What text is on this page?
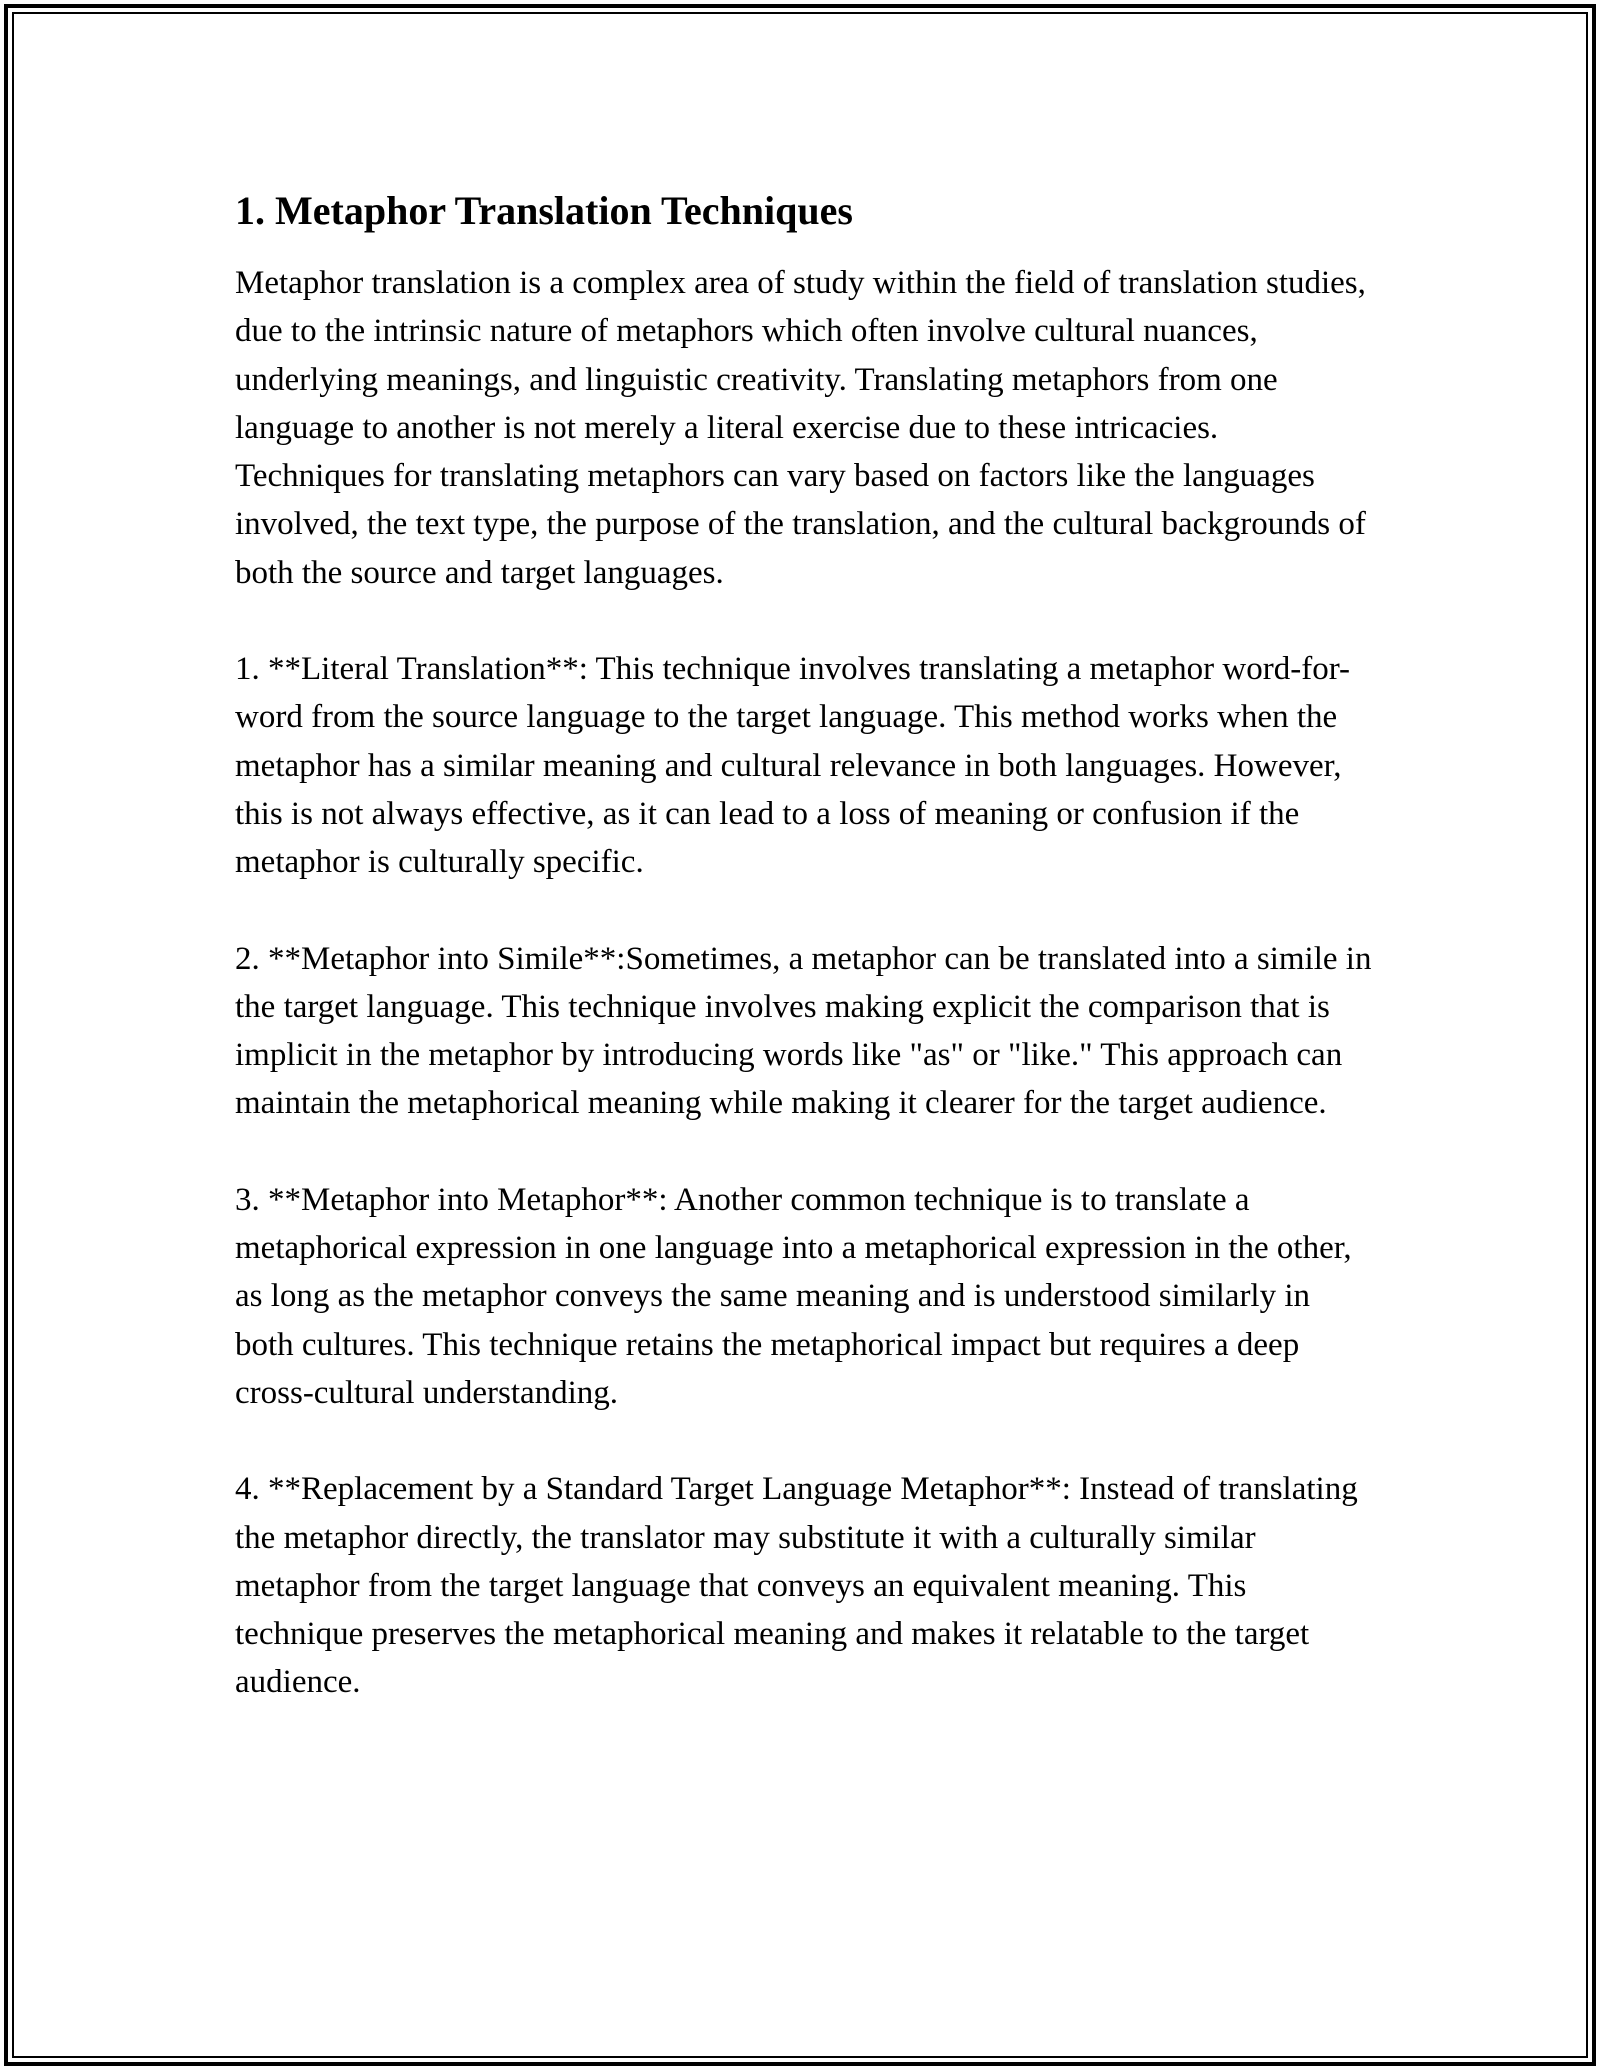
1. Metaphor Translation Techniques

Metaphor translation is a complex area of study within the field of translation studies, due to the intrinsic nature of metaphors which often involve cultural nuances, underlying meanings, and linguistic creativity. Translating metaphors from one language to another is not merely a literal exercise due to these intricacies. Techniques for translating metaphors can vary based on factors like the languages involved, the text type, the purpose of the translation, and the cultural backgrounds of both the source and target languages.

1. **Literal Translation**: This technique involves translating a metaphor word-for-word from the source language to the target language. This method works when the metaphor has a similar meaning and cultural relevance in both languages. However, this is not always effective, as it can lead to a loss of meaning or confusion if the metaphor is culturally specific.

2. **Metaphor into Simile**:Sometimes, a metaphor can be translated into a simile in the target language. This technique involves making explicit the comparison that is implicit in the metaphor by introducing words like "as" or "like." This approach can maintain the metaphorical meaning while making it clearer for the target audience.

3. **Metaphor into Metaphor**: Another common technique is to translate a metaphorical expression in one language into a metaphorical expression in the other, as long as the metaphor conveys the same meaning and is understood similarly in both cultures. This technique retains the metaphorical impact but requires a deep cross-cultural understanding.

4. **Replacement by a Standard Target Language Metaphor**: Instead of translating the metaphor directly, the translator may substitute it with a culturally similar metaphor from the target language that conveys an equivalent meaning. This technique preserves the metaphorical meaning and makes it relatable to the target audience.
